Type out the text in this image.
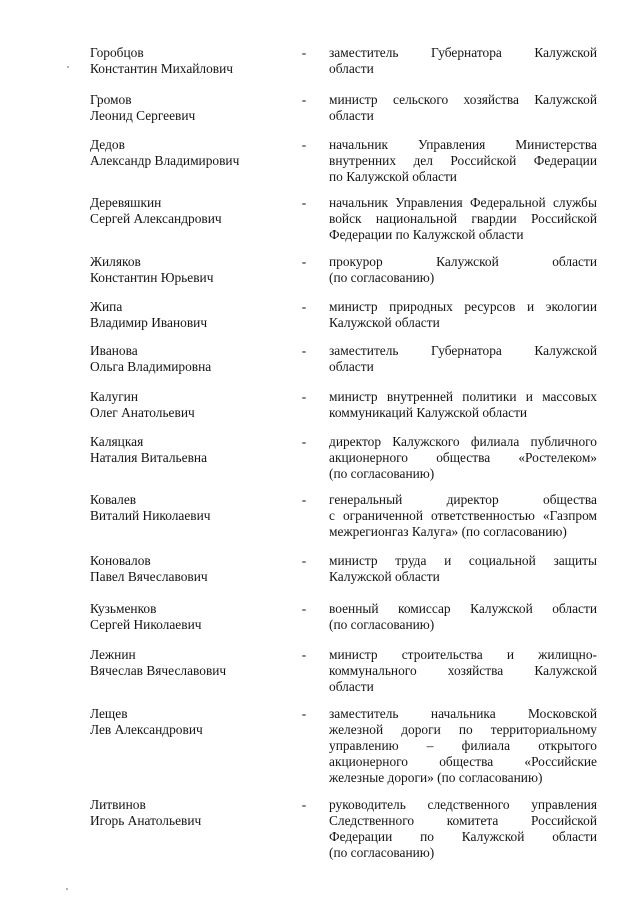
Горобцов
Константин Михайлович
-	заместитель Губернатора Калужской
области
Громов
Леонид Сергеевич
-	министр сельского хозяйства Калужской
области
Дедов
Александр Владимирович
-	начальник Управления Министерства
внутренних дел Российской Федерации
по Калужской области
Деревяшкин
Сергей Александрович
-	начальник Управления Федеральной службы
войск национальной гвардии Российской
Федерации по Калужской области
Жиляков
Константин Юрьевич
-	прокурор Калужской области
(по согласованию)
Жипа
Владимир Иванович
-	министр природных ресурсов и экологии
Калужской области
Иванова
Ольга Владимировна
-	заместитель Губернатора Калужской
области
Калугин
Олег Анатольевич
-	министр внутренней политики и массовых
коммуникаций Калужской области
Каляцкая
Наталия Витальевна
-	директор Калужского филиала публичного
акционерного общества «Ростелеком»
(по согласованию)
Ковалев
Виталий Николаевич
-	генеральный директор общества
с ограниченной ответственностью «Газпром
межрегионгаз Калуга» (по согласованию)
Коновалов
Павел Вячеславович
-	министр труда и социальной защиты
Калужской области
Кузьменков
Сергей Николаевич
-	военный комиссар Калужской области
(по согласованию)
Лежнин
Вячеслав Вячеславович
-	министр строительства и жилищно-
коммунального хозяйства Калужской
области
Лещев
Лев Александрович
-	заместитель начальника Московской
железной дороги по территориальному
управлению – филиала открытого
акционерного общества «Российские
железные дороги» (по согласованию)
Литвинов
Игорь Анатольевич
-	руководитель следственного управления
Следственного комитета Российской
Федерации по Калужской области
(по согласованию)
